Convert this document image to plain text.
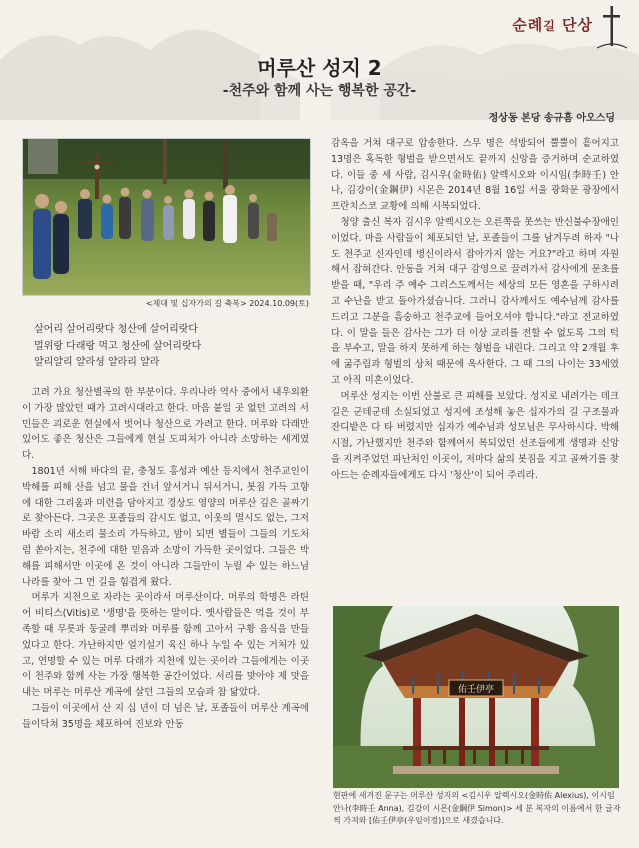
순례길 단상
머루산 성지 2
-천주와 함께 사는 행복한 공간-
정상동 본당 송규흠 아오스딩
<제대 및 십자가의 길 축복> 2024.10.09(토)
살어리 살어리랏다 청산에 살어리랏다
멀위랑 다래랑 먹고 청산에 살어리랏다
얄리얄리 얄라셩 얄라리 얄라

고려 가요 청산별곡의 한 부분이다. 우리나라 역사 중에서 내우외환이 가장 많았던 때가 고려시대라고 한다. 마음 붙일 곳 없던 고려의 서민들은 괴로운 현실에서 벗어나 청산으로 가려고 한다. 머루와 다래만 있어도 좋은 청산은 그들에게 현실 도피처가 아니라 소망하는 세계였다.

1801년 서해 바다의 끝, 충청도 홍성과 예산 등지에서 천주교인이 박해를 피해 산을 넘고 물을 건너 앞서거니 뒤서거니, 봇짐 가득 고향에 대한 그리움과 미련을 담아지고 경상도 영양의 머루산 깊은 골짜기로 찾아든다. 그곳은 포졸들의 감시도 없고, 이웃의 멸시도 없는, 그저 바람 소리 새소리 물소리 가득하고, 밤이 되면 별들이 그들의 기도처럼 쏟아지는, 천주에 대한 믿음과 소망이 가득한 곳이었다. 그들은 박해를 피해서만 이곳에 온 것이 아니라 그들만이 누릴 수 있는 하느님 나라를 찾아 그 먼 길을 힘겹게 왔다.

머루가 지천으로 자라는 곳이라서 머루산이다. 머루의 학명은 라틴어 비티스(Vitis)로 '생명'을 뜻하는 말이다. 옛사람들은 먹을 것이 부족할 때 무릇과 둥굴레 뿌리와 머루를 함께 고아서 구황 음식을 만들었다고 한다. 가난하지만 얼기설기 육신 하나 누일 수 있는 거처가 있고, 연명할 수 있는 머루 다래가 지천에 있는 곳이라 그들에게는 이곳이 천주와 함께 사는 가장 행복한 공간이었다. 서리를 맞아야 제 맛을 내는 머루는 머루산 계곡에 살던 그들의 모습과 참 닮았다.

그들이 이곳에서 산 지 십 년이 더 넘은 날, 포졸들이 머루산 계곡에 들이닥쳐 35명을 체포하여 진보와 안동

감옥을 거쳐 대구로 압송한다. 스무 명은 석방되어 뿔뿔이 흩어지고 13명은 혹독한 형벌을 받으면서도 끝까지 신앙을 증거하며 순교하였다. 이들 중 세 사람, 김시우(金時佑) 알렉시오와 이시임(李時壬) 안나, 김강이(金鋼伊) 시몬은 2014년 8월 16일 서울 광화문 광장에서 프란치스코 교황에 의해 시복되었다.

청양 출신 복자 김시우 알렉시오는 오른쪽을 못쓰는 반신불수장애인이었다. 마을 사람들이 체포되던 날, 포졸들이 그를 남겨두려 하자 "나도 천주교 신자인데 병신이라서 잡아가지 않는 거요?"라고 하며 자원해서 잡혀간다. 안동을 거쳐 대구 감영으로 끌려가서 감사에게 문초를 받을 때, "우리 주 예수 그리스도께서는 세상의 모든 영혼을 구하시려고 수난을 받고 돌아가셨습니다. 그러니 감사께서도 예수님께 감사를 드리고 그분을 흠숭하고 천주교에 들어오셔야 합니다."라고 전교하였다. 이 말을 들은 감사는 그가 더 이상 교리를 전할 수 없도록 그의 턱을 부수고, 말을 하지 못하게 하는 형벌을 내린다. 그리고 약 2개월 후에 굶주림과 형벌의 상처 때문에 옥사한다. 그 때 그의 나이는 33세였고 아직 미혼이었다.

머루산 성지는 이번 산불로 큰 피해를 보았다. 성지로 내려가는 데크 길은 군데군데 소실되었고 성지에 조성해 놓은 십자가의 길 구조물과 잔디밭은 다 타 버렸지만 십자가 예수님과 성모님은 무사하시다. 박해시절, 가난했지만 천주와 함께여서 복되었던 선조들에게 생명과 신앙을 지켜주었던 피난처인 이곳이, 저마다 삶의 봇짐을 지고 골짜기를 찾아드는 순례자들에게도 다시 '청산'이 되어 주리라.

佑壬伊亭
현판에 새겨진 문구는 머루산 성지의 <김시우 알렉시오(金時佑 Alexius), 이시임 안나(李時壬 Anna), 김강이 시몬(金鋼伊 Simon)> 세 분 복자의 이름에서 한 글자씩 가져와 [佑壬伊亭(우임이정)]으로 새겼습니다.
